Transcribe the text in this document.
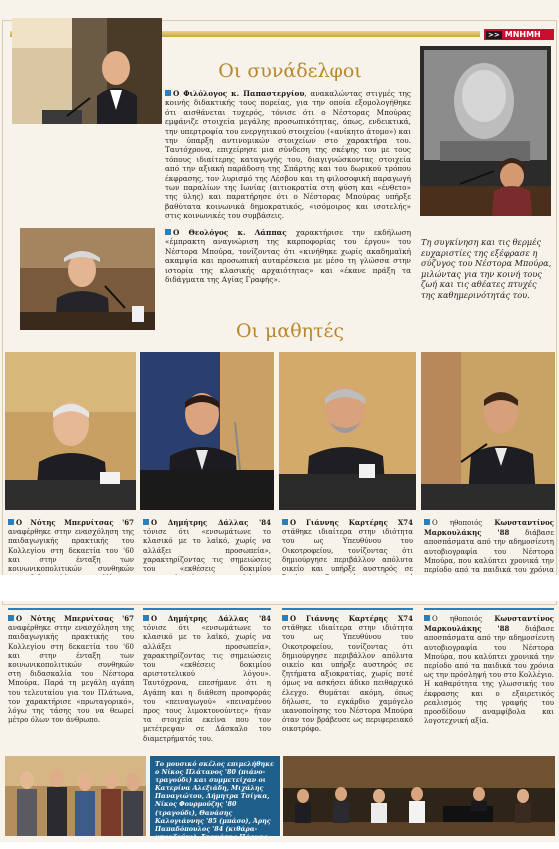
>> ΜΝΗΜΗ
Οι συνάδελφοι
Ο Φιλόλογος κ. Παπαστεργίου, ανακαλώντας στιγμές της κοινής διδακτικής τους πορείας, για την οποία εξομολογήθηκε ότι αισθάνεται τυχερός, τόνισε ότι ο Νέστορας Μπούρας εμφάνιζε στοιχεία μεγάλης προσωπικότητας, όπως, ενδεικτικά, την υπερτροφία του ενεργητικού στοιχείου («ανίκητο άτομο») και την ύπαρξη αντινομικών στοιχείων στο χαρακτήρα του. Ταυτόχρονα, επιχείρησε μια σύνδεση της σκέψης του με τους τόπους ιδιαίτερης καταγωγής του, διαγιγνώσκοντας στοιχεία από την αξιακή παράδοση της Σπάρτης και του δωρικού τρόπου έκφρασης, τον λυρισμό της Λέσβου και τη φιλοσοφική παραγωγή των παραλίων της Ιωνίας (αιτιοκρατία στη φύση και «ένθετο» της ύλης) και παρατήρησε ότι ο Νέστορας Μπούρας υπήρξε βαθύτατα κοινωνικά δημοκρατικός, «ισόμοιρος και ισοτελής» στις κοινωνικές του συμβάσεις.
Τη συγκίνηση και τις θερμές ευχαριστίες της εξέφρασε η σύζυγος του Νέστορα Μπούρα, μιλώντας για την κοινή τους ζωή και τις αθέατες πτυχές της καθημερινότητάς του.
Ο Θεολόγος κ. Λάππας χαρακτήρισε την εκδήλωση «έμπρακτη αναγνώριση της καρποφορίας του έργου» του Νέστορα Μπούρα, τονίζοντας ότι «κινήθηκε χωρίς ακαδημαϊκή ακαμψία και προσωπική αυταρέσκεια με μέσο τη γλώσσα στην ιστορία της κλασικής αρχαιότητας» και «έκανε πράξη τα διδάγματα της Αγίας Γραφής».
Οι μαθητές
Ο Νότης Μπερνίτσας '67 αναφέρθηκε στην ενασχόληση της παιδαγωγικής πρακτικής του Κολλεγίου στη δεκαετία του '60 και στην ένταξη των κοινωνικοπολιτικών συνθηκών
Ο Δημήτρης Δάλλας '84 τόνισε ότι «ενσωμάτωνε το κλασικό με το λαϊκό, χωρίς να αλλάξει προσωπεία», χαρακτηρίζοντας τις σημειώσεις του «εκθέσεις δοκιμίου
Ο Γιάννης Καρτέρης Χ74 στάθηκε ιδιαίτερα στην ιδιότητα του ως Υπευθύνου του Οικοτροφείου, τονίζοντας ότι δημιούργησε περιβάλλον απόλυτα οικείο και υπήρξε αυστηρός σε
Ο ηθοποιός Κωνσταντίνος Μαρκουλάκης '88 διάβασε αποσπάσματα από την αδημοσίευτη αυτοβιογραφία του Νέστορα Μπούρα, που καλύπτει χρονικά την περίοδο από τα παιδικά του χρόνια
Ο Νότης Μπερνίτσας '67 αναφέρθηκε στην ενασχόληση της παιδαγωγικής πρακτικής του Κολλεγίου στη δεκαετία του '60 και στην ένταξη των κοινωνικοπολιτικών συνθηκών στη διδασκαλία του Νέστορα Μπούρα. Παρά τη μεγάλη αγάπη του τελευταίου για τον Πλάτωνα, τον χαρακτήρισε «πρωταγορικό», λόγω της τάσης του να θεωρεί μέτρο όλων τον άνθρωπο.
Ο Δημήτρης Δάλλας '84 τόνισε ότι «ενσωμάτωνε το κλασικό με το λαϊκό, χωρίς να αλλάξει προσωπεία», χαρακτηρίζοντας τις σημειώσεις του «εκθέσεις δοκιμίου αριστοτελικού λόγου». Ταυτόχρονα, επεσήμανε ότι η Αγάπη και η διάθεση προσφοράς του «πειναγωγού» «πειναμένου προς τους λιμοκτονούντες» ήταν τα στοιχεία εκείνα που τον μετέτρεψαν σε Δάσκαλο του διαμετρήματός του.
Ο Γιάννης Καρτέρης Χ74 στάθηκε ιδιαίτερα στην ιδιότητα του ως Υπευθύνου του Οικοτροφείου, τονίζοντας ότι δημιούργησε περιβάλλον απόλυτα οικείο και υπήρξε αυστηρός σε ζητήματα αξιοκρατίας, χωρίς ποτέ όμως να ασκήσει άδικο πειθαρχικό έλεγχο. Θυμάται ακόμη, όπως δήλωσε, το εγκάρδιο χαμόγελο ικανοποίησης του Νέστορα Μπούρα όταν τον βράβευσε ως περιφερειακό οικοτρόφο.
Ο ηθοποιός Κωνσταντίνος Μαρκουλάκης '88 διάβασε αποσπάσματα από την αδημοσίευτη αυτοβιογραφία του Νέστορα Μπούρα, που καλύπτει χρονικά την περίοδο από τα παιδικά του χρόνια ως την πρόσληψή του στο Κολλέγιο. Η καθαρότητα της γλωσσικής του έκφρασης και ο εξαιρετικός ρεαλισμός της γραφής του προσδίδουν αναμφίβολα και λογοτεχνική αξία.
Το μουσικό σκέλος επιμελήθηκε ο Νίκος Πλάτανος '80 (πιάνο-τραγούδι) και συμμετείχαν οι Κατερίνα Αλεξιάδη, Μιχάλης Παναγιώτου, Δήμητρα Τσίγκα, Νίκος Φουρμούζης '80 (τραγούδι), Θανάσης Καλογιάννης '85 (μπάσο), Άρης Παπαδόπουλος '84 (κιθάρα-μπουζούκι), Σταμάτης Πάργας '80 (μπουζούκι).
